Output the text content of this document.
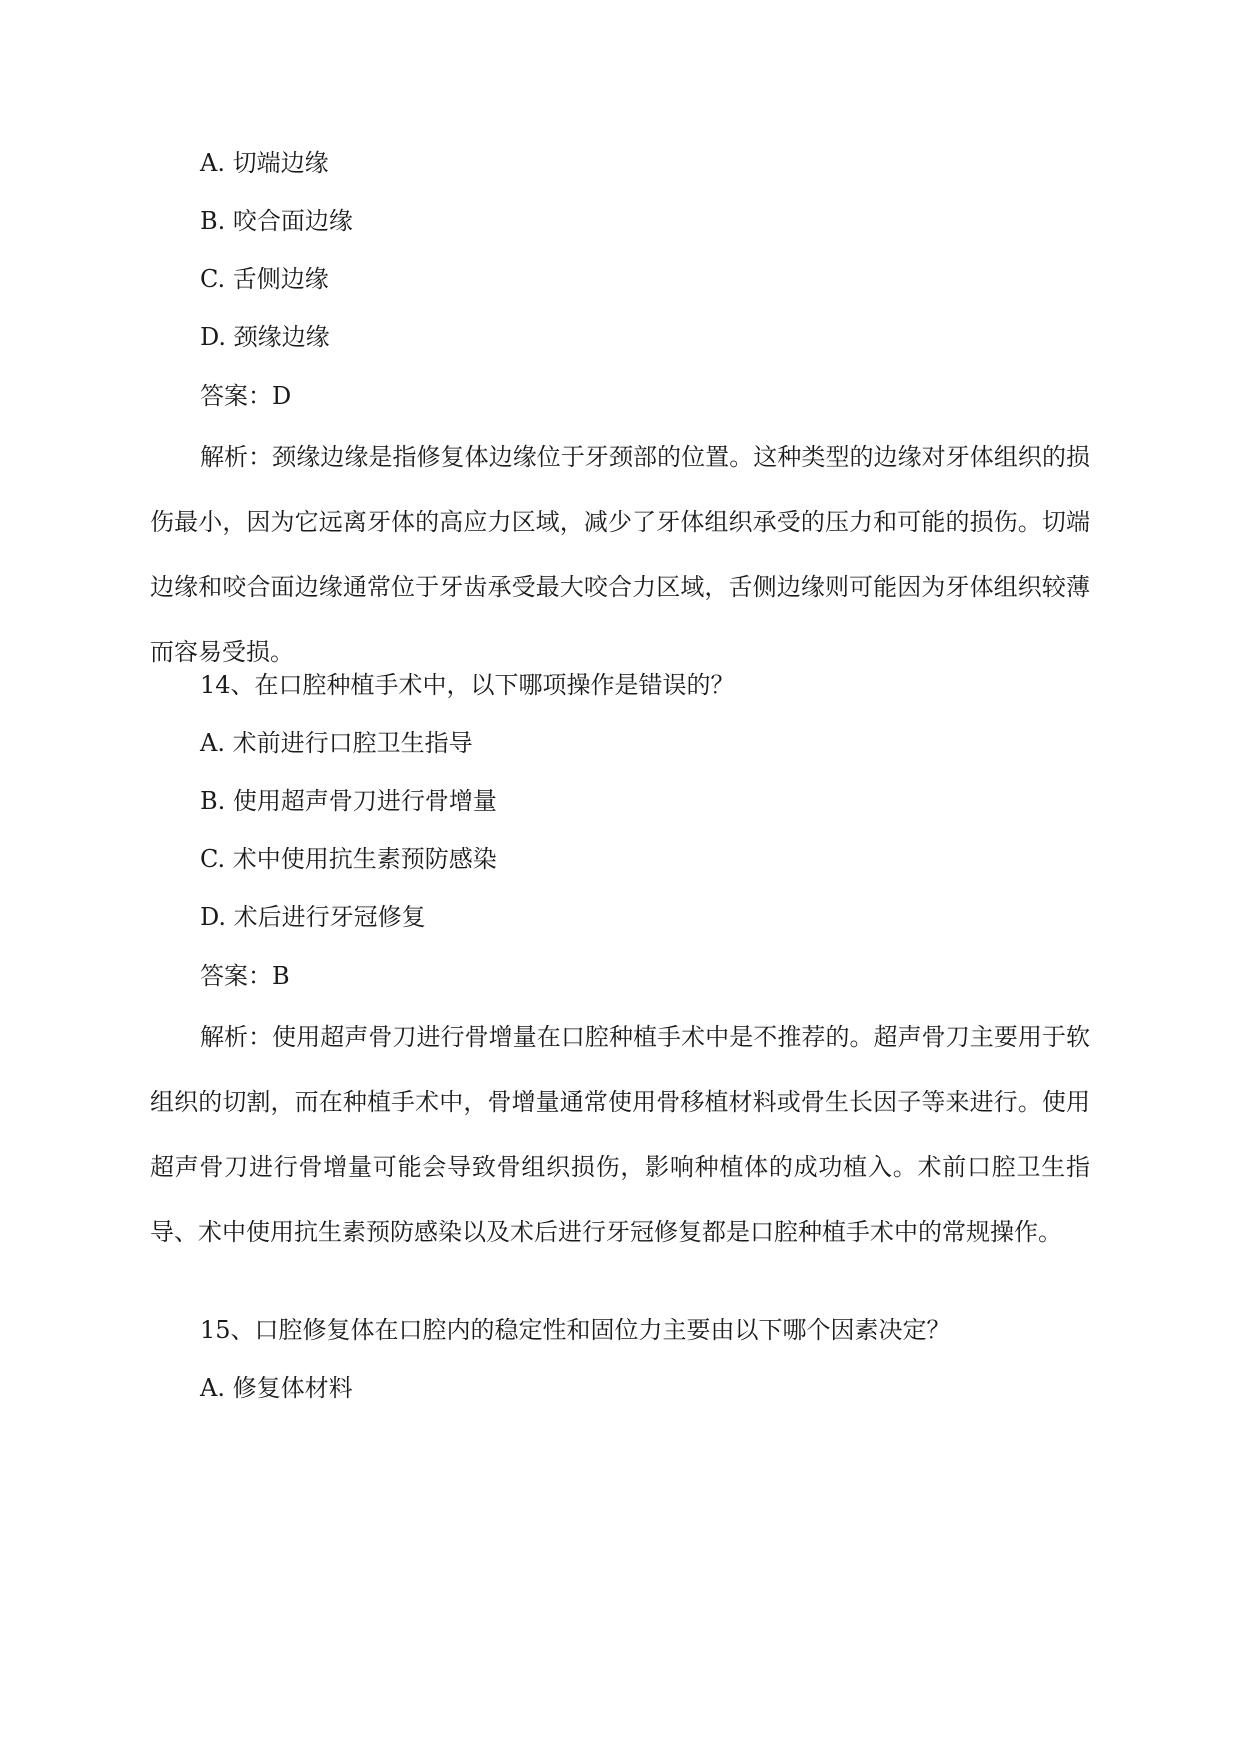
A. 切端边缘
B. 咬合面边缘
C. 舌侧边缘
D. 颈缘边缘
答案：D

解析：颈缘边缘是指修复体边缘位于牙颈部的位置。这种类型的边缘对牙体组织的损伤最小，因为它远离牙体的高应力区域，减少了牙体组织承受的压力和可能的损伤。切端边缘和咬合面边缘通常位于牙齿承受最大咬合力区域，舌侧边缘则可能因为牙体组织较薄而容易受损。

14、在口腔种植手术中，以下哪项操作是错误的？
A. 术前进行口腔卫生指导
B. 使用超声骨刀进行骨增量
C. 术中使用抗生素预防感染
D. 术后进行牙冠修复
答案：B

解析：使用超声骨刀进行骨增量在口腔种植手术中是不推荐的。超声骨刀主要用于软组织的切割，而在种植手术中，骨增量通常使用骨移植材料或骨生长因子等来进行。使用超声骨刀进行骨增量可能会导致骨组织损伤，影响种植体的成功植入。术前口腔卫生指导、术中使用抗生素预防感染以及术后进行牙冠修复都是口腔种植手术中的常规操作。

15、口腔修复体在口腔内的稳定性和固位力主要由以下哪个因素决定？
A. 修复体材料
